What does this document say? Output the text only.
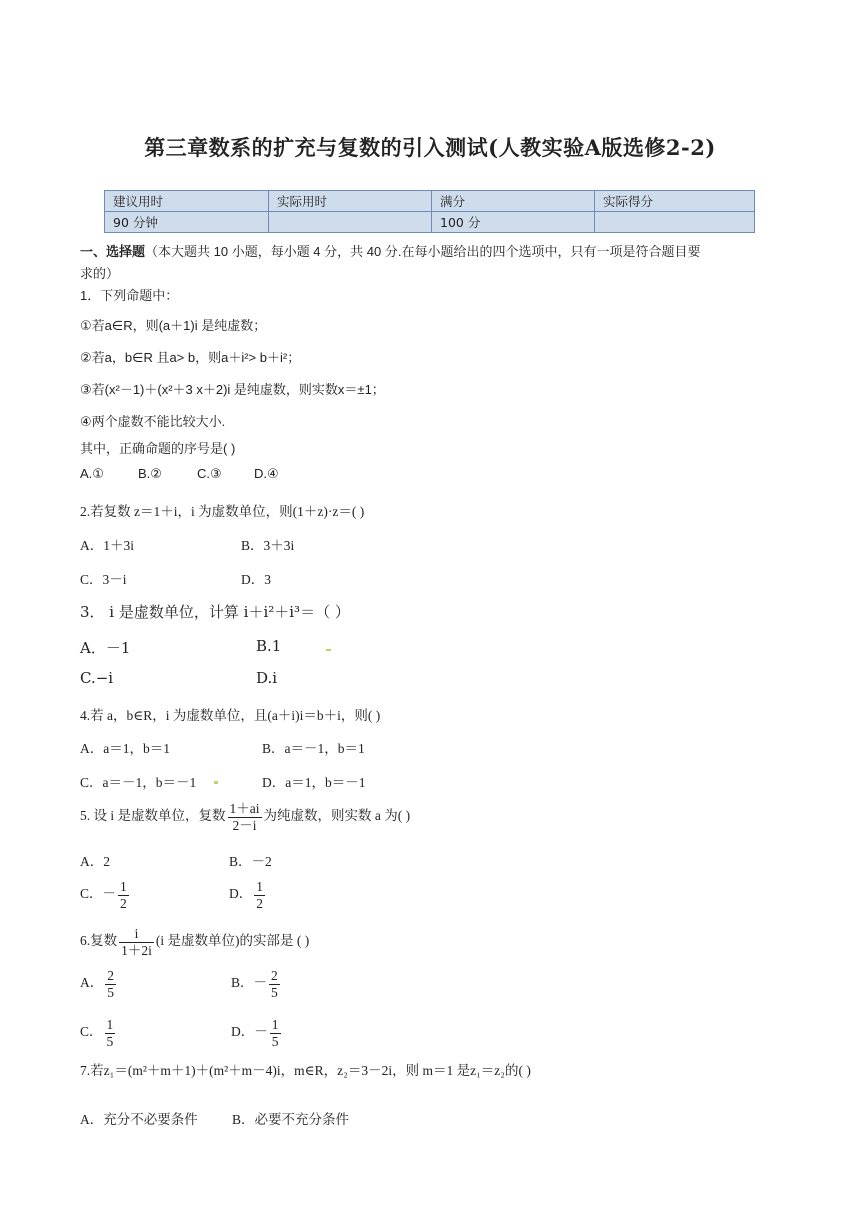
第三章数系的扩充与复数的引入测试(人教实验A版选修2-2)
建议用时	实际用时	满分	实际得分
90 分钟		100 分	
一、选择题（本大题共 10 小题，每小题 4 分，共 40 分.在每小题给出的四个选项中，只有一项是符合题目要
求的）
1．下列命题中：
①若a∈R，则(a＋1)i 是纯虚数；
②若a，b∈R 且a> b，则a＋i²> b＋i²；
③若(x²－1)＋(x²＋3 x＋2)i 是纯虚数，则实数x＝±1；
④两个虚数不能比较大小.
其中，正确命题的序号是( )
A.①	B.②	C.③ D.④
2.若复数 z＝1＋i，i 为虚数单位，则(1＋z)·z＝( )
A．1＋3i	B．3＋3i
C．3－i	D．3
3． i 是虚数单位，计算 i＋i²＋i³＝（ ）
A．－1	B.1
C.−i	D.i
4.若 a，b∈R，i 为虚数单位，且(a＋i)i＝b＋i，则( )
A．a＝1，b＝1	B．a＝－1，b＝1
C．a＝－1，b＝－1	D．a＝1，b＝－1
5. 设 i 是虚数单位，复数 $\frac{1+ai}{2-i}$ 为纯虚数，则实数 a 为( )
A．2	B．－2
C．－ $\frac{1}{2}$	D． $\frac{1}{2}$
6.复数 $\frac{i}{1+2i} (i$ 是虚数单位)的实部是 ( )
A． $\frac{2}{5}$	B．－ $\frac{2}{5}$
C． $\frac{1}{5}$	D．－ $\frac{1}{5}$
7.若z₁＝(m²＋m＋1)＋(m²＋m－4)i，m∈R，z₂＝3－2i，则 m＝1 是z₁＝z₂的( )
A．充分不必要条件	B．必要不充分条件
